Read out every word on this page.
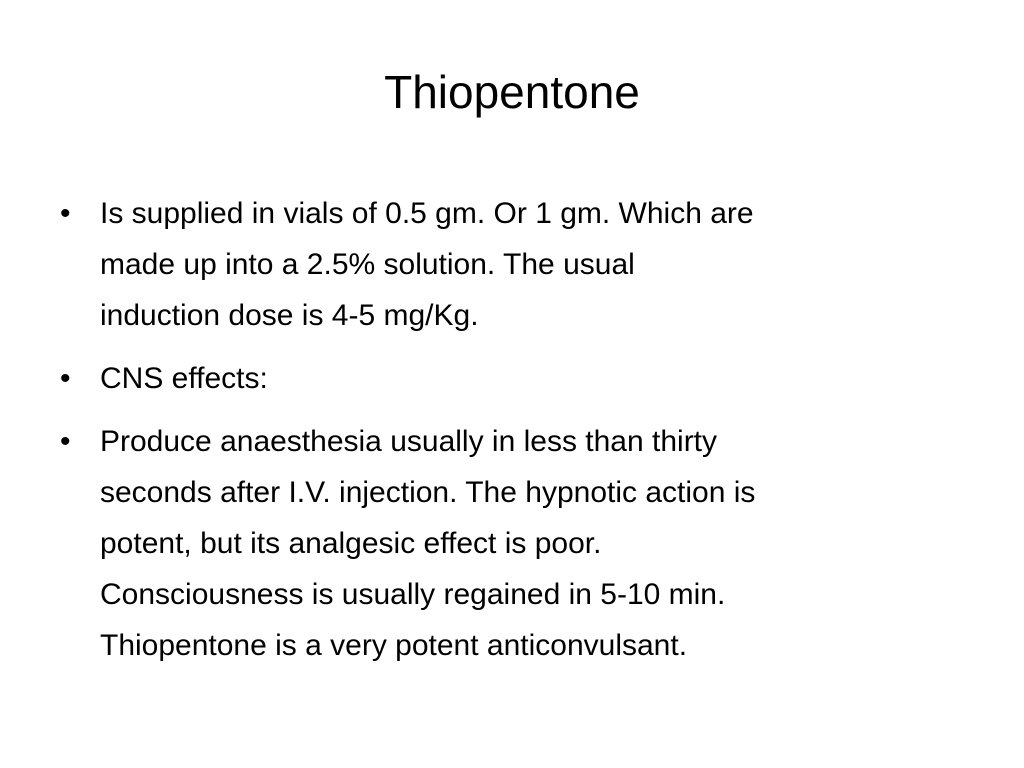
Thiopentone
• Is supplied in vials of 0.5 gm. Or 1 gm. Which are
made up into a 2.5% solution. The usual
induction dose is 4-5 mg/Kg.
• CNS effects:
• Produce anaesthesia usually in less than thirty
seconds after I.V. injection. The hypnotic action is
potent, but its analgesic effect is poor.
Consciousness is usually regained in 5-10 min.
Thiopentone is a very potent anticonvulsant.
